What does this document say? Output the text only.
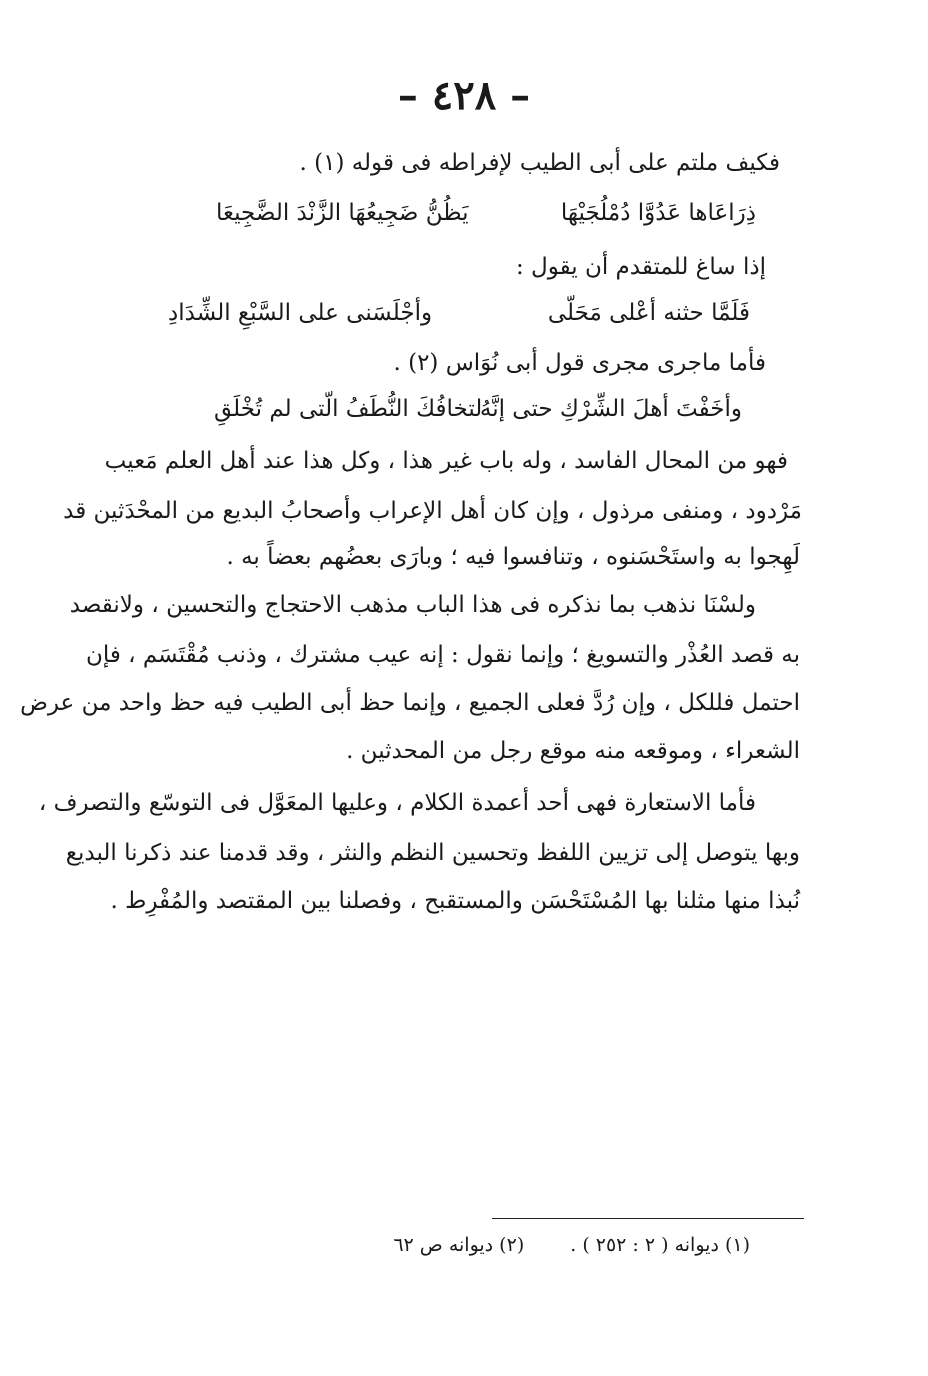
– ٤٢٨ –
فكيف ملتم على أبى الطيب لإفراطه فى قوله (١) .
يَظُنُّ ضَجِيعُهَا الزَّنْدَ الضَّجِيعَا	ذِرَاعَاها عَدُوَّا دُمْلُجَيْهَا
إذا ساغ للمتقدم أن يقول :
وأجْلَسَنى على السَّبْعِ الشِّدَادِ	فَلَمَّا حثنه أعْلى مَحَلّى
فأما ماجرى مجرى قول أبى نُوَاس (٢) .
لتخافُكَ النُّطَفُ الّتى لم تُخْلَقِ
وأخَفْتَ أهلَ الشِّرْكِ حتى إنَّهُ
فهو من المحال الفاسد ، وله باب غير هذا ، وكل هذا عند أهل العلم مَعيب
مَرْدود ، ومنفى مرذول ، وإن كان أهل الإعراب وأصحابُ البديع من المحْدَثين قد
لَهِجوا به واستَحْسَنوه ، وتنافسوا فيه ؛ وبارَى بعضُهم بعضاً به .
ولسْنَا نذهب بما نذكره فى هذا الباب مذهب الاحتجاج والتحسين ، ولانقصد
به قصد العُذْر والتسويغ ؛ وإنما نقول : إنه عيب مشترك ، وذنب مُقْتَسَم ، فإن
احتمل فللكل ، وإن رُدَّ فعلى الجميع ، وإنما حظ أبى الطيب فيه حظ واحد من عرض
الشعراء ، وموقعه منه موقع رجل من المحدثين .
فأما الاستعارة فهى أحد أعمدة الكلام ، وعليها المعَوَّل فى التوسّع والتصرف ،
وبها يتوصل إلى تزيين اللفظ وتحسين النظم والنثر ، وقد قدمنا عند ذكرنا البديع
نُبذا منها مثلنا بها المُسْتَحْسَن والمستقبح ، وفصلنا بين المقتصد والمُفْرِط .
(١) ديوانه ( ٢ : ٢٥٢ ) .(٢) ديوانه ص ٦٢
